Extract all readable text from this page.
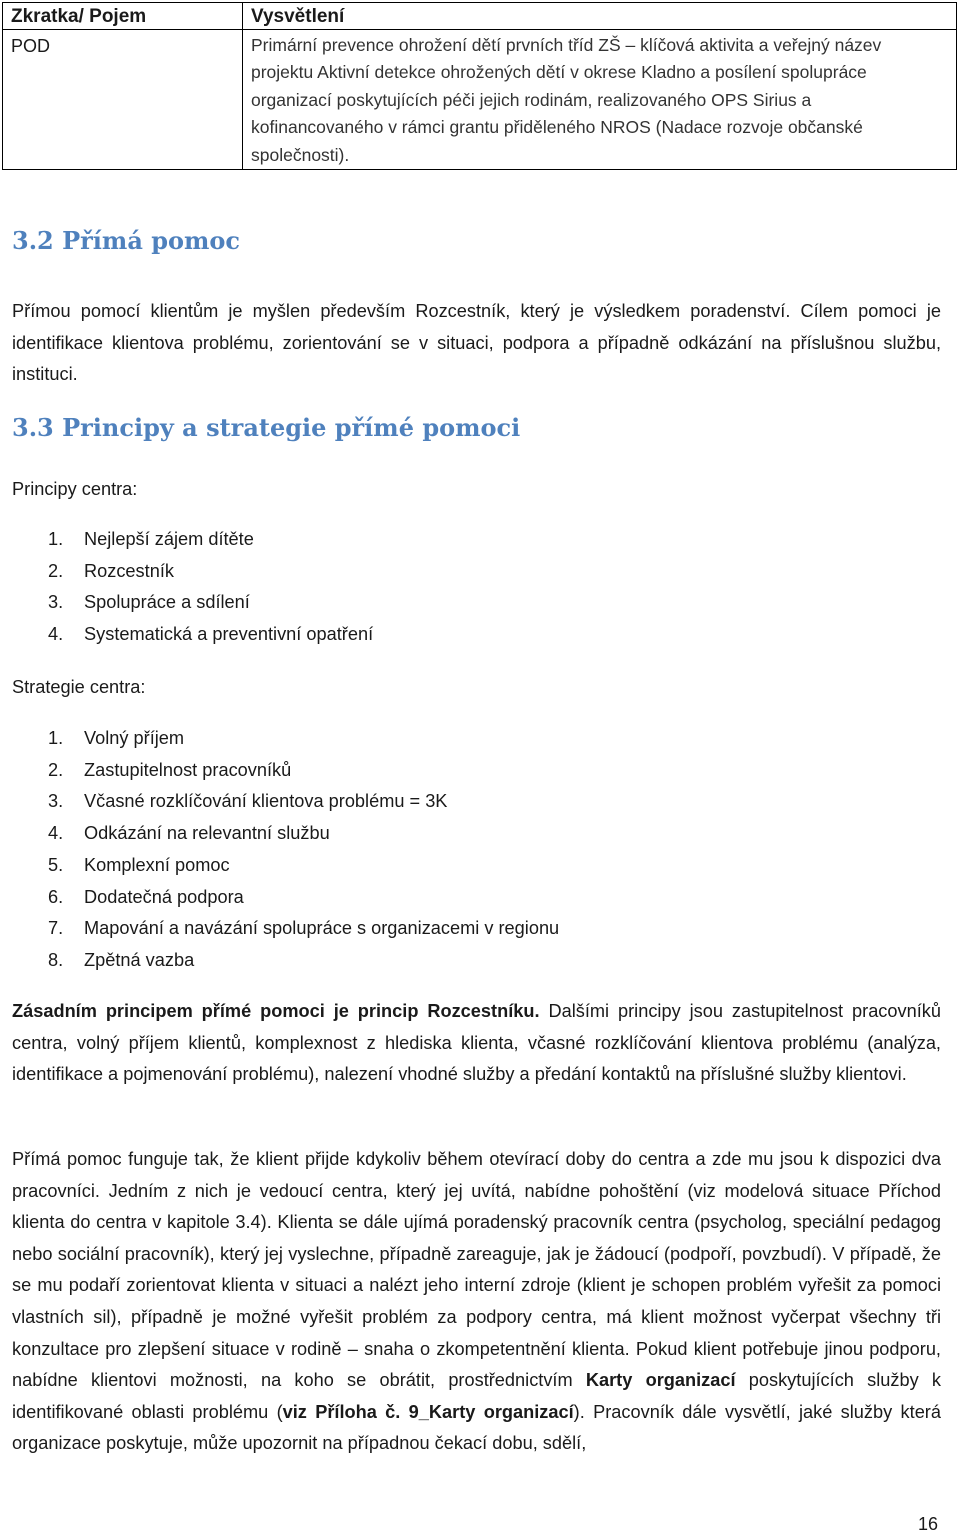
Zkratka/ Pojem	Vysvětlení
POD	Primární prevence ohrožení dětí prvních tříd ZŠ – klíčová aktivita a veřejný název projektu Aktivní detekce ohrožených dětí v okrese Kladno a posílení spolupráce organizací poskytujících péči jejich rodinám, realizovaného OPS Sirius a kofinancovaného v rámci grantu přiděleného NROS (Nadace rozvoje občanské společnosti).
3.2 Přímá pomoc

Přímou pomocí klientům je myšlen především Rozcestník, který je výsledkem poradenství. Cílem pomoci je identifikace klientova problému, zorientování se v situaci, podpora a případně odkázání na příslušnou službu, instituci.

3.3 Principy a strategie přímé pomoci

Principy centra:

1. Nejlepší zájem dítěte
2. Rozcestník
3. Spolupráce a sdílení
4. Systematická a preventivní opatření

Strategie centra:

1. Volný příjem
2. Zastupitelnost pracovníků
3. Včasné rozklíčování klientova problému = 3K
4. Odkázání na relevantní službu
5. Komplexní pomoc
6. Dodatečná podpora
7. Mapování a navázání spolupráce s organizacemi v regionu
8. Zpětná vazba

Zásadním principem přímé pomoci je princip Rozcestníku. Dalšími principy jsou zastupitelnost pracovníků centra, volný příjem klientů, komplexnost z hlediska klienta, včasné rozklíčování klientova problému (analýza, identifikace a pojmenování problému), nalezení vhodné služby a předání kontaktů na příslušné služby klientovi.

Přímá pomoc funguje tak, že klient přijde kdykoliv během otevírací doby do centra a zde mu jsou k dispozici dva pracovníci. Jedním z nich je vedoucí centra, který jej uvítá, nabídne pohoštění (viz modelová situace Příchod klienta do centra v kapitole 3.4). Klienta se dále ujímá poradenský pracovník centra (psycholog, speciální pedagog nebo sociální pracovník), který jej vyslechne, případně zareaguje, jak je žádoucí (podpoří, povzbudí). V případě, že se mu podaří zorientovat klienta v situaci a nalézt jeho interní zdroje (klient je schopen problém vyřešit za pomoci vlastních sil), případně je možné vyřešit problém za podpory centra, má klient možnost vyčerpat všechny tři konzultace pro zlepšení situace v rodině – snaha o zkompetentnění klienta. Pokud klient potřebuje jinou podporu, nabídne klientovi možnosti, na koho se obrátit, prostřednictvím Karty organizací poskytujících služby k identifikované oblasti problému (viz Příloha č. 9_Karty organizací). Pracovník dále vysvětlí, jaké služby která organizace poskytuje, může upozornit na případnou čekací dobu, sdělí,

16
